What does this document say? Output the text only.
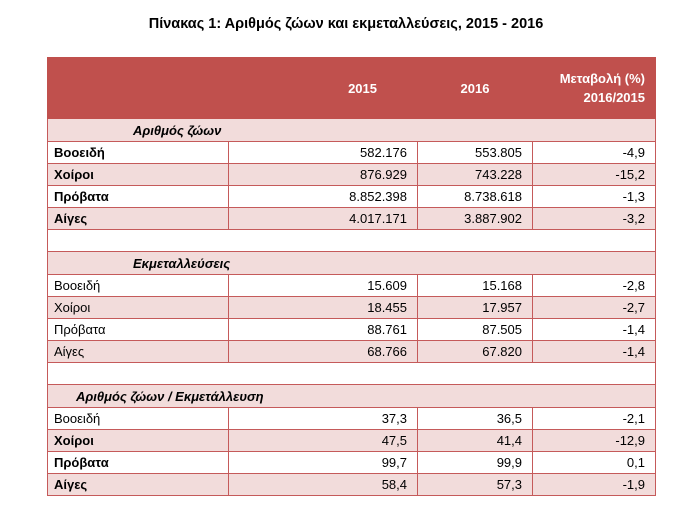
Πίνακας 1: Αριθμός ζώων και εκμεταλλεύσεις, 2015 - 2016
	2015	2016	Μεταβολή (%)
2016/2015

Αριθμός ζώων			
Βοοειδή	582.176	553.805	-4,9
Χοίροι	876.929	743.228	-15,2
Πρόβατα	8.852.398	8.738.618	-1,3
Αίγες	4.017.171	3.887.902	-3,2

Εκμεταλλεύσεις			
Βοοειδή	15.609	15.168	-2,8
Χοίροι	18.455	17.957	-2,7
Πρόβατα	88.761	87.505	-1,4
Αίγες	68.766	67.820	-1,4

Αριθμός ζώων / Εκμετάλλευση			
Βοοειδή	37,3	36,5	-2,1
Χοίροι	47,5	41,4	-12,9
Πρόβατα	99,7	99,9	0,1
Αίγες	58,4	57,3	-1,9
